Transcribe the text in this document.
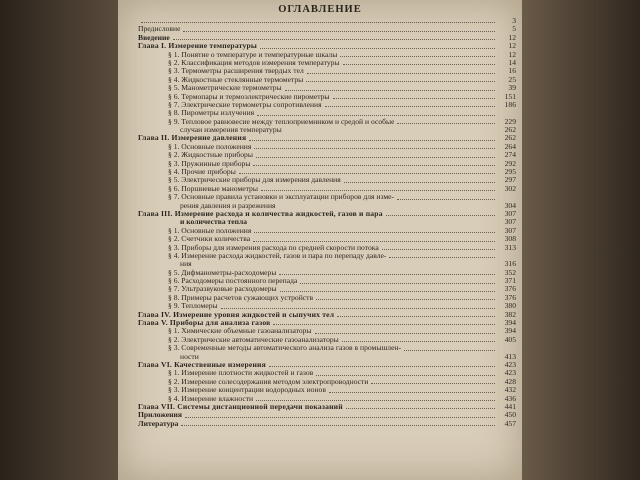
ОГЛАВЛЕНИЕ
3
Предисловие	5
Введение	12
Глава I. Измерение температуры	12
§ 1. Понятие о температуре и температурные шкалы	12
§ 2. Классификация методов измерения температуры	14
§ 3. Термометры расширения твердых тел	16
§ 4. Жидкостные стеклянные термометры	25
§ 5. Манометрические термометры	39
§ 6. Термопары и термоэлектрические пирометры	151
§ 7. Электрические термометры сопротивления	186
§ 8. Пирометры излучения
§ 9. Тепловое равновесие между теплоприемником и средой и особые	229
случаи измерения температуры	262
Глава II. Измерение давления	262
§ 1. Основные положения	264
§ 2. Жидкостные приборы	274
§ 3. Пружинные приборы	292
§ 4. Прочие приборы	295
§ 5. Электрические приборы для измерения давления	297
§ 6. Поршневые манометры	302
§ 7. Основные правила установки и эксплуатации приборов для изме-
рения давления и разрежения	304
Глава III. Измерение расхода и количества жидкостей, газов и пара	307
и количества тепла	307
§ 1. Основные положения	307
§ 2. Счетчики количества	308
§ 3. Приборы для измерения расхода по средней скорости потока	313
§ 4. Измерение расхода жидкостей, газов и пара по перепаду давле-
ния	316
§ 5. Дифманометры-расходомеры	352
§ 6. Расходомеры постоянного перепада	371
§ 7. Ультразвуковые расходомеры	376
§ 8. Примеры расчетов сужающих устройств	376
§ 9. Тепломеры	380
Глава IV. Измерение уровня жидкостей и сыпучих тел	382
Глава V. Приборы для анализа газов	394
§ 1. Химические объемные газоанализаторы	394
§ 2. Электрические автоматические газоанализаторы	405
§ 3. Современные методы автоматического анализа газов в промышлен-
ности	413
Глава VI. Качественные измерения	423
§ 1. Измерение плотности жидкостей и газов	423
§ 2. Измерение солесодержания методом электропроводности	428
§ 3. Измерение концентрации водородных ионов	432
§ 4. Измерение влажности	436
Глава VII. Системы дистанционной передачи показаний	441
Приложения	450
Литература	457
